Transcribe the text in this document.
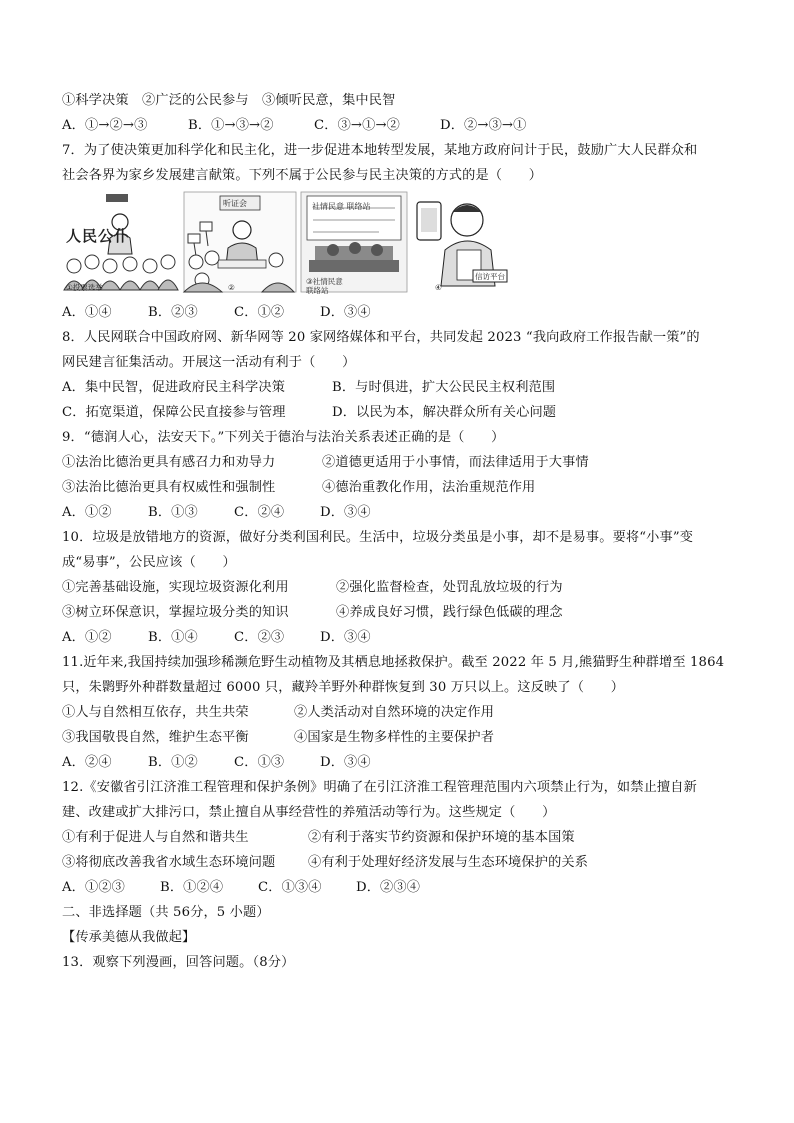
①科学决策　②广泛的公民参与　③倾听民意，集中民智
A．①→②→③	B．①→③→②	C．③→①→②	D．②→③→①
7．为了使决策更加科学化和民主化，进一步促进本地转型发展，某地方政府问计于民，鼓励广大人民群众和
社会各界为家乡发展建言献策。下列不属于公民参与民主决策的方式的是（　　）
人民公仆
①投票选举
听证会
②
社情民意 联络站
③社情民意联络站	④
信访平台
A．①④	B．②③	C．①②	D．③④
8．人民网联合中国政府网、新华网等 20 家网络媒体和平台，共同发起 2023 “我向政府工作报告献一策”的
网民建言征集活动。开展这一活动有利于（　　）
A．集中民智，促进政府民主科学决策	B．与时俱进，扩大公民民主权利范围
C．拓宽渠道，保障公民直接参与管理	D．以民为本，解决群众所有关心问题
9．“德润人心，法安天下。”下列关于德治与法治关系表述正确的是（　　）
①法治比德治更具有感召力和劝导力	②道德更适用于小事情，而法律适用于大事情
③法治比德治更具有权威性和强制性	④德治重教化作用，法治重规范作用
A．①②	B．①③	C．②④	D．③④
10．垃圾是放错地方的资源，做好分类利国利民。生活中，垃圾分类虽是小事，却不是易事。要将“小事”变
成“易事”，公民应该（　　）
①完善基础设施，实现垃圾资源化利用	②强化监督检查，处罚乱放垃圾的行为
③树立环保意识，掌握垃圾分类的知识	④养成良好习惯，践行绿色低碳的理念
A．①②	B．①④	C．②③	D．③④
11.近年来,我国持续加强珍稀濒危野生动植物及其栖息地拯救保护。截至 2022 年 5 月,熊猫野生种群增至 1864
只，朱鹮野外种群数量超过 6000 只，藏羚羊野外种群恢复到 30 万只以上。这反映了（　　）
①人与自然相互依存，共生共荣	②人类活动对自然环境的决定作用
③我国敬畏自然，维护生态平衡	④国家是生物多样性的主要保护者
A．②④	B．①②	C．①③	D．③④
12.《安徽省引江济淮工程管理和保护条例》明确了在引江济淮工程管理范围内六项禁止行为，如禁止擅自新
建、改建或扩大排污口，禁止擅自从事经营性的养殖活动等行为。这些规定（　　）
①有利于促进人与自然和谐共生	②有利于落实节约资源和保护环境的基本国策
③将彻底改善我省水域生态环境问题	④有利于处理好经济发展与生态环境保护的关系
A．①②③	B．①②④	C．①③④	D．②③④
二、非选择题（共 56分，5 小题）
【传承美德从我做起】
13．观察下列漫画，回答问题。（8分）
